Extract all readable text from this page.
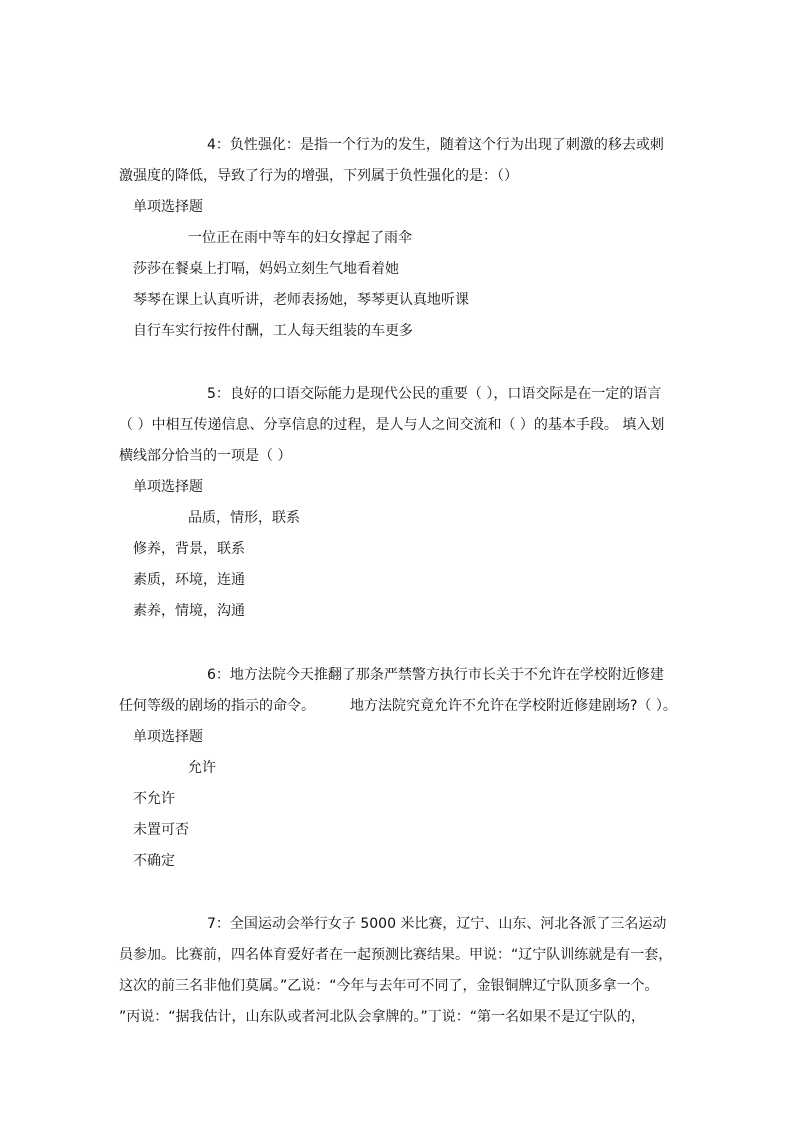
4：负性强化：是指一个行为的发生，随着这个行为出现了刺激的移去或刺
激强度的降低，导致了行为的增强，下列属于负性强化的是：（）
单项选择题
一位正在雨中等车的妇女撑起了雨伞
莎莎在餐桌上打嗝，妈妈立刻生气地看着她
琴琴在课上认真听讲，老师表扬她，琴琴更认真地听课
自行车实行按件付酬，工人每天组装的车更多
5：良好的口语交际能力是现代公民的重要（ ），口语交际是在一定的语言
（ ）中相互传递信息、分享信息的过程，是人与人之间交流和（ ）的基本手段。 填入划
横线部分恰当的一项是（ ）
单项选择题
品质，情形，联系
修养，背景，联系
素质，环境，连通
素养，情境，沟通
6：地方法院今天推翻了那条严禁警方执行市长关于不允许在学校附近修建
任何等级的剧场的指示的命令。　　　地方法院究竟允许不允许在学校附近修建剧场?（ ）。
单项选择题
允许
不允许
未置可否
不确定
7：全国运动会举行女子 5000 米比赛，辽宁、山东、河北各派了三名运动
员参加。比赛前，四名体育爱好者在一起预测比赛结果。甲说：“辽宁队训练就是有一套，
这次的前三名非他们莫属。”乙说：“今年与去年可不同了，金银铜牌辽宁队顶多拿一个。
”丙说：“据我估计，山东队或者河北队会拿牌的。”丁说：“第一名如果不是辽宁队的，
